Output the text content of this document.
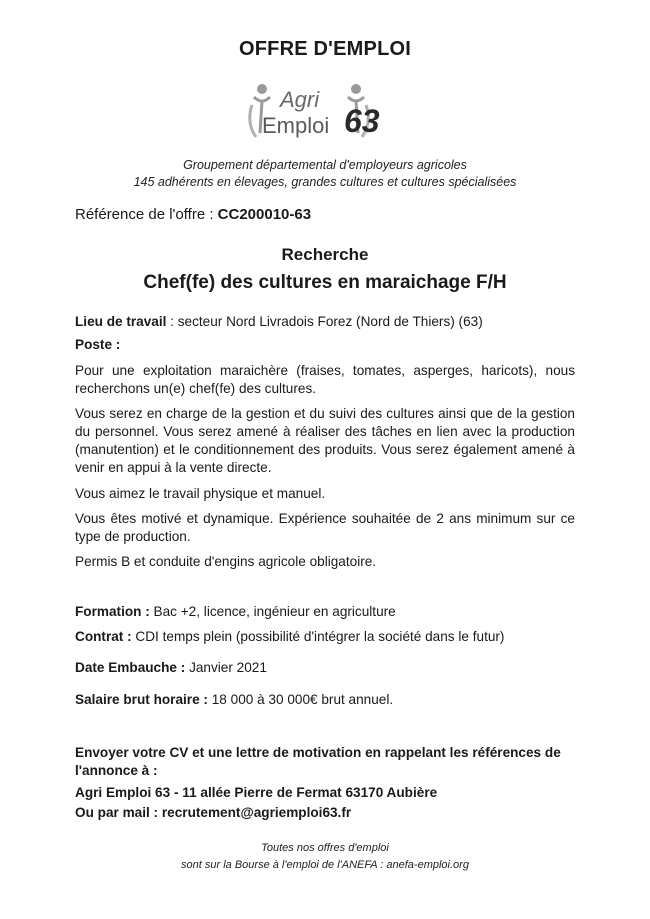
OFFRE D'EMPLOI
Agri
Emploi 63
Groupement départemental d'employeurs agricoles
145 adhérents en élevages, grandes cultures et cultures spécialisées
Référence de l'offre : CC200010-63
Recherche
Chef(fe) des cultures en maraichage F/H
Lieu de travail : secteur Nord Livradois Forez (Nord de Thiers) (63)
Poste :

Pour une exploitation maraichère (fraises, tomates, asperges, haricots), nous recherchons un(e) chef(fe) des cultures.

Vous serez en charge de la gestion et du suivi des cultures ainsi que de la gestion du personnel. Vous serez amené à réaliser des tâches en lien avec la production (manutention) et le conditionnement des produits. Vous serez également amené à venir en appui à la vente directe.

Vous aimez le travail physique et manuel.

Vous êtes motivé et dynamique. Expérience souhaitée de 2 ans minimum sur ce type de production.

Permis B et conduite d'engins agricole obligatoire.

Formation : Bac +2, licence, ingénieur en agriculture
Contrat : CDI temps plein (possibilité d'intégrer la société dans le futur)
Date Embauche : Janvier 2021
Salaire brut horaire : 18 000 à 30 000€ brut annuel.
Envoyer votre CV et une lettre de motivation en rappelant les références de l'annonce à :
Agri Emploi 63 - 11 allée Pierre de Fermat 63170 Aubière
Ou par mail : recrutement@agriemploi63.fr
Toutes nos offres d'emploi
sont sur la Bourse à l'emploi de l'ANEFA : anefa-emploi.org
